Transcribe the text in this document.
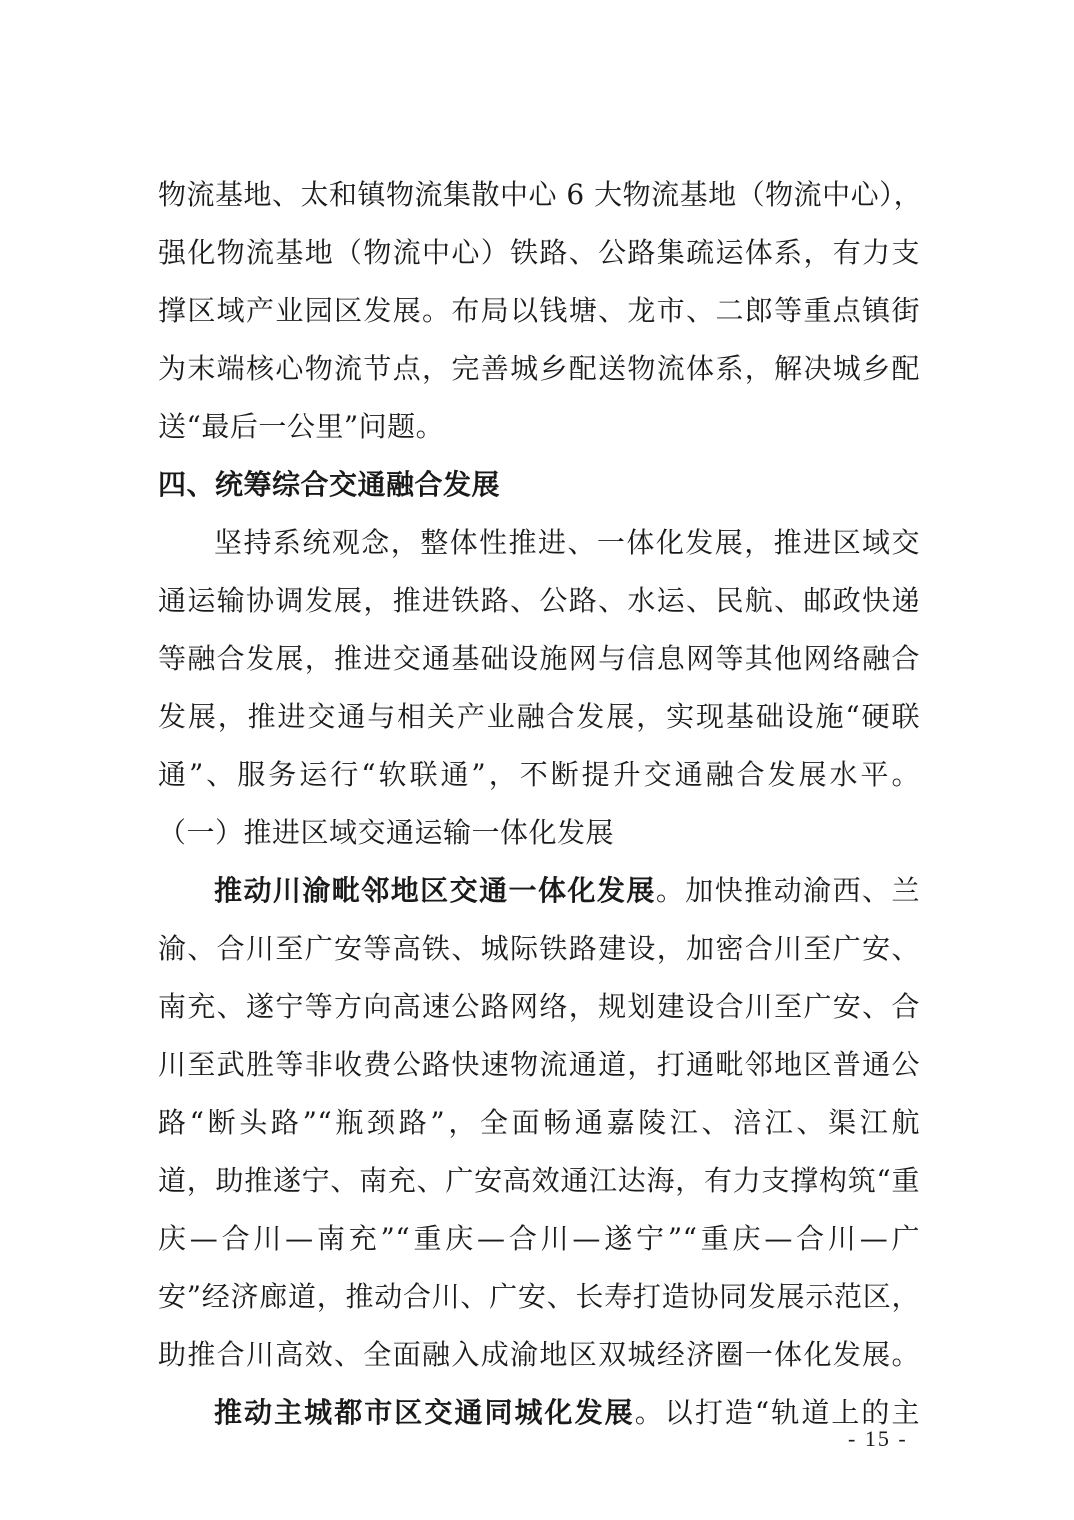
物流基地、太和镇物流集散中心 6 大物流基地（物流中心），
强化物流基地（物流中心）铁路、公路集疏运体系，有力支
撑区域产业园区发展。布局以钱塘、龙市、二郎等重点镇街
为末端核心物流节点，完善城乡配送物流体系，解决城乡配
送“最后一公里”问题。
四、统筹综合交通融合发展
坚持系统观念，整体性推进、一体化发展，推进区域交
通运输协调发展，推进铁路、公路、水运、民航、邮政快递
等融合发展，推进交通基础设施网与信息网等其他网络融合
发展，推进交通与相关产业融合发展，实现基础设施“硬联
通”、服务运行“软联通”，不断提升交通融合发展水平。
（一）推进区域交通运输一体化发展
推动川渝毗邻地区交通一体化发展。加快推动渝西、兰
渝、合川至广安等高铁、城际铁路建设，加密合川至广安、
南充、遂宁等方向高速公路网络，规划建设合川至广安、合
川至武胜等非收费公路快速物流通道，打通毗邻地区普通公
路“断头路”“瓶颈路”，全面畅通嘉陵江、涪江、渠江航
道，助推遂宁、南充、广安高效通江达海，有力支撑构筑“重
庆—合川—南充”“重庆—合川—遂宁”“重庆—合川—广
安”经济廊道，推动合川、广安、长寿打造协同发展示范区，
助推合川高效、全面融入成渝地区双城经济圈一体化发展。
推动主城都市区交通同城化发展。以打造“轨道上的主
- 15 -
